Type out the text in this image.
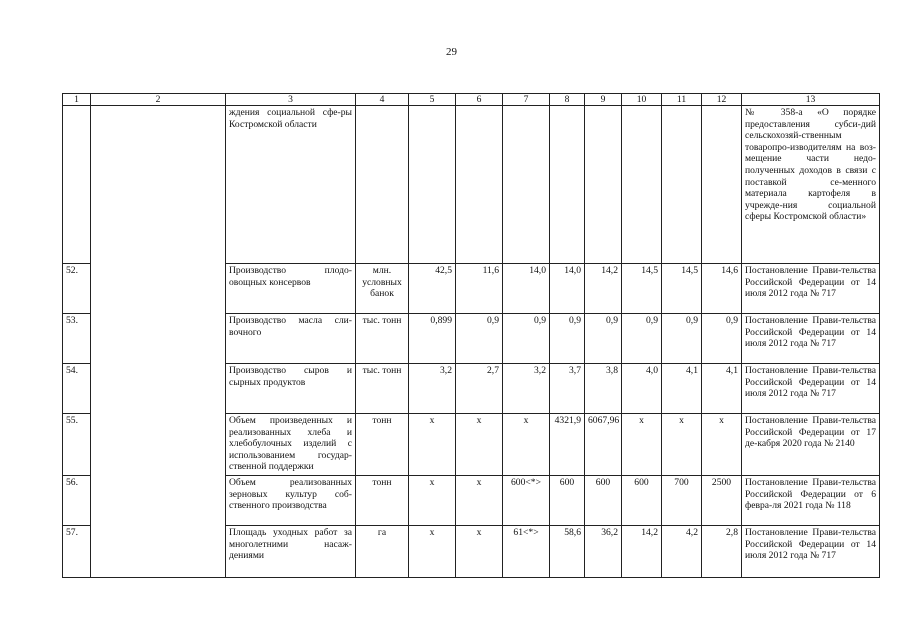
29
1	2	3	4	5	6	7	8	9	10	11	12	13
		ждения социальной сфе-ры Костромской области										№ 358-а «О порядке предоставления субси-дий сельскохозяй-ственным товаропро-изводителям на воз-мещение части недо-полученных доходов в связи с поставкой се-менного материала картофеля в учрежде-ния социальной сферы Костромской области»
52.		Производство плодо-овощных консервов	млн. условных банок	42,5	11,6	14,0	14,0	14,2	14,5	14,5	14,6	Постановление Прави-тельства Российской Федерации от 14 июля 2012 года № 717
53.		Производство масла сли-вочного	тыс. тонн	0,899	0,9	0,9	0,9	0,9	0,9	0,9	0,9	Постановление Прави-тельства Российской Федерации от 14 июля 2012 года № 717
54.		Производство сыров и сырных продуктов	тыс. тонн	3,2	2,7	3,2	3,7	3,8	4,0	4,1	4,1	Постановление Прави-тельства Российской Федерации от 14 июля 2012 года № 717
55.		Объем произведенных и реализованных хлеба и хлебобулочных изделий с использованием государ-ственной поддержки	тонн	х	х	х	4321,9	6067,96	х	х	х	Постановление Прави-тельства Российской Федерации от 17 де-кабря 2020 года № 2140
56.		Объем реализованных зерновых культур соб-ственного производства	тонн	х	х	600<*>	600	600	600	700	2500	Постановление Прави-тельства Российской Федерации от 6 февра-ля 2021 года № 118
57.		Площадь уходных работ за многолетними насаж-дениями	га	х	х	61<*>	58,6	36,2	14,2	4,2	2,8	Постановление Прави-тельства Российской Федерации от 14 июля 2012 года № 717
